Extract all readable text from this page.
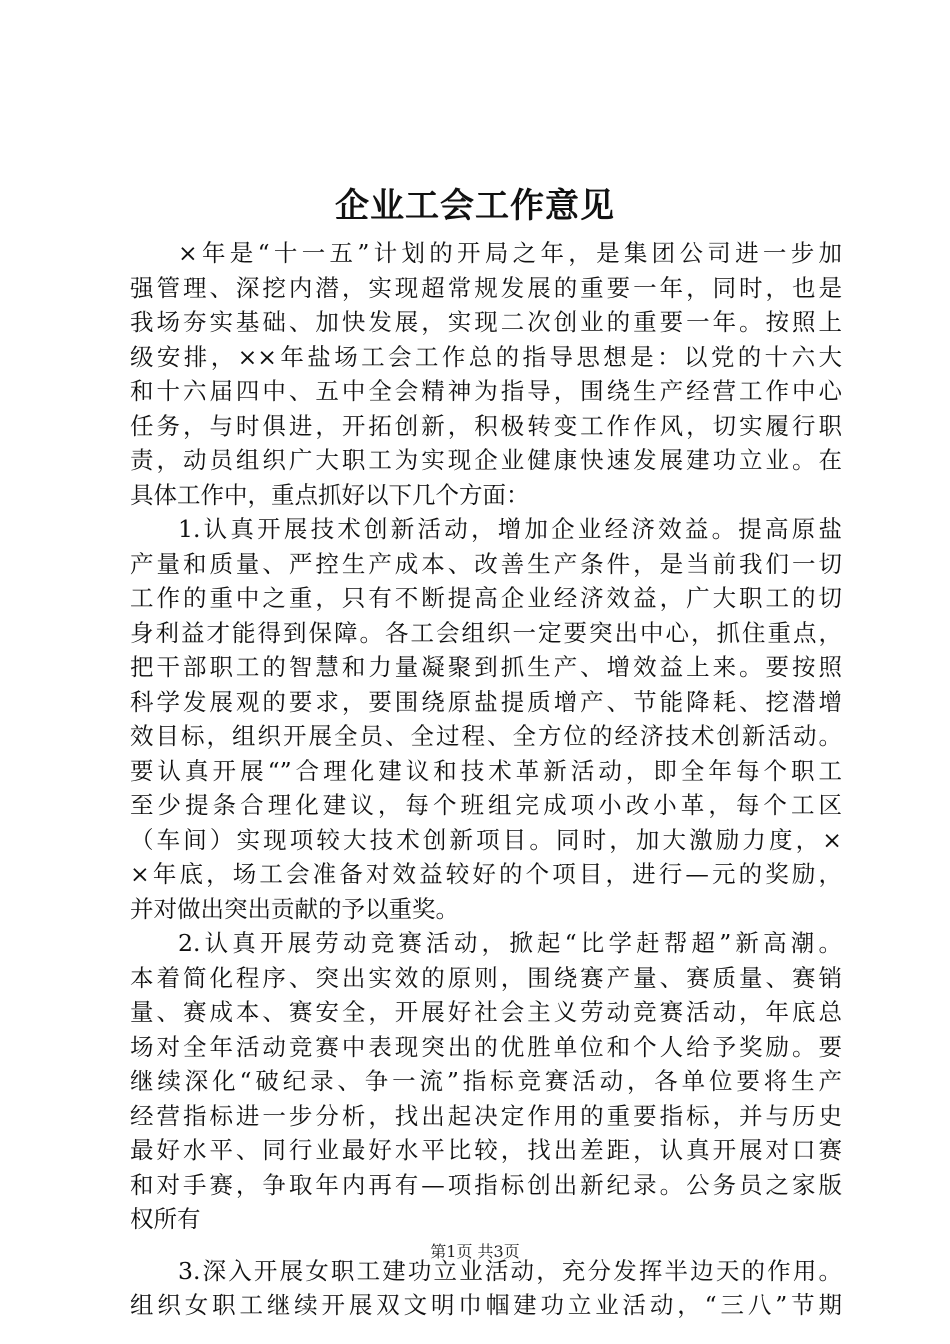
企业工会工作意见
×年是“十一五”计划的开局之年，是集团公司进一步加
强管理、深挖内潜，实现超常规发展的重要一年，同时，也是
我场夯实基础、加快发展，实现二次创业的重要一年。按照上
级安排，××年盐场工会工作总的指导思想是：以党的十六大
和十六届四中、五中全会精神为指导，围绕生产经营工作中心
任务，与时俱进，开拓创新，积极转变工作作风，切实履行职
责，动员组织广大职工为实现企业健康快速发展建功立业。在
具体工作中，重点抓好以下几个方面：
1.认真开展技术创新活动，增加企业经济效益。提高原盐
产量和质量、严控生产成本、改善生产条件，是当前我们一切
工作的重中之重，只有不断提高企业经济效益，广大职工的切
身利益才能得到保障。各工会组织一定要突出中心，抓住重点，
把干部职工的智慧和力量凝聚到抓生产、增效益上来。要按照
科学发展观的要求，要围绕原盐提质增产、节能降耗、挖潜增
效目标，组织开展全员、全过程、全方位的经济技术创新活动。
要认真开展“”合理化建议和技术革新活动，即全年每个职工
至少提条合理化建议，每个班组完成项小改小革，每个工区
（车间）实现项较大技术创新项目。同时，加大激励力度，×
×年底，场工会准备对效益较好的个项目，进行—元的奖励，
并对做出突出贡献的予以重奖。
2.认真开展劳动竞赛活动，掀起“比学赶帮超”新高潮。
本着简化程序、突出实效的原则，围绕赛产量、赛质量、赛销
量、赛成本、赛安全，开展好社会主义劳动竞赛活动，年底总
场对全年活动竞赛中表现突出的优胜单位和个人给予奖励。要
继续深化“破纪录、争一流”指标竞赛活动，各单位要将生产
经营指标进一步分析，找出起决定作用的重要指标，并与历史
最好水平、同行业最好水平比较，找出差距，认真开展对口赛
和对手赛，争取年内再有—项指标创出新纪录。公务员之家版
权所有
3.深入开展女职工建功立业活动，充分发挥半边天的作用。
组织女职工继续开展双文明巾帼建功立业活动，“三八”节期
第1页 共3页
